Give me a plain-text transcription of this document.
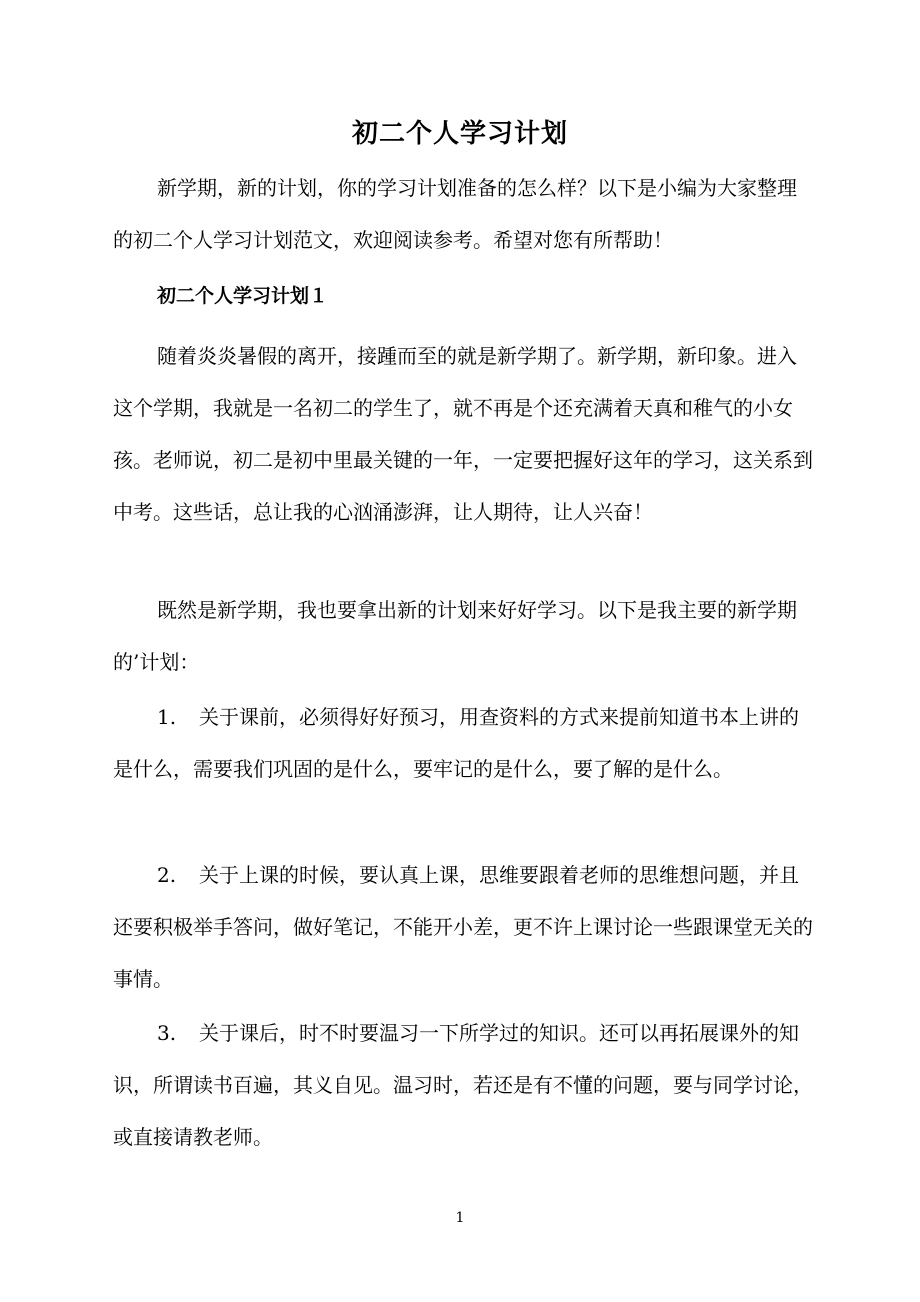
初二个人学习计划

新学期，新的计划，你的学习计划准备的怎么样？以下是小编为大家整理的初二个人学习计划范文，欢迎阅读参考。希望对您有所帮助！

初二个人学习计划１

随着炎炎暑假的离开，接踵而至的就是新学期了。新学期，新印象。进入这个学期，我就是一名初二的学生了，就不再是个还充满着天真和稚气的小女孩。老师说，初二是初中里最关键的一年，一定要把握好这年的学习，这关系到中考。这些话，总让我的心汹涌澎湃，让人期待，让人兴奋！

既然是新学期，我也要拿出新的计划来好好学习。以下是我主要的新学期的’计划：

1. 关于课前，必须得好好预习，用查资料的方式来提前知道书本上讲的是什么，需要我们巩固的是什么，要牢记的是什么，要了解的是什么。

2. 关于上课的时候，要认真上课，思维要跟着老师的思维想问题，并且还要积极举手答问，做好笔记，不能开小差，更不许上课讨论一些跟课堂无关的事情。

3. 关于课后，时不时要温习一下所学过的知识。还可以再拓展课外的知识，所谓读书百遍，其义自见。温习时，若还是有不懂的问题，要与同学讨论，或直接请教老师。

1
